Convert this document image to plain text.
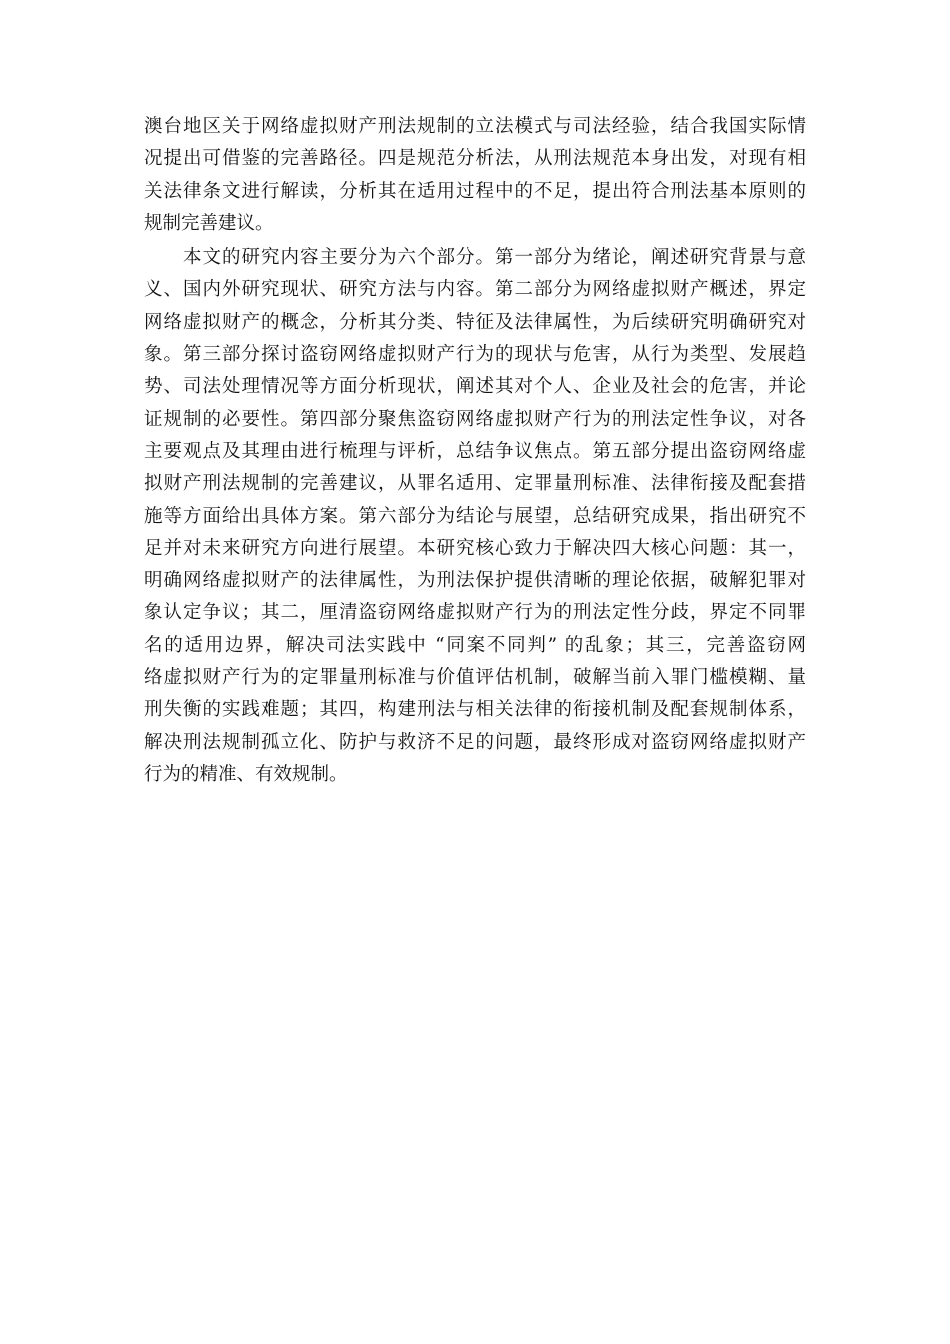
澳台地区关于网络虚拟财产刑法规制的立法模式与司法经验，结合我国实际情
况提出可借鉴的完善路径。四是规范分析法，从刑法规范本身出发，对现有相
关法律条文进行解读，分析其在适用过程中的不足，提出符合刑法基本原则的
规制完善建议。
　　本文的研究内容主要分为六个部分。第一部分为绪论，阐述研究背景与意
义、国内外研究现状、研究方法与内容。第二部分为网络虚拟财产概述，界定
网络虚拟财产的概念，分析其分类、特征及法律属性，为后续研究明确研究对
象。第三部分探讨盗窃网络虚拟财产行为的现状与危害，从行为类型、发展趋
势、司法处理情况等方面分析现状，阐述其对个人、企业及社会的危害，并论
证规制的必要性。第四部分聚焦盗窃网络虚拟财产行为的刑法定性争议，对各
主要观点及其理由进行梳理与评析，总结争议焦点。第五部分提出盗窃网络虚
拟财产刑法规制的完善建议，从罪名适用、定罪量刑标准、法律衔接及配套措
施等方面给出具体方案。第六部分为结论与展望，总结研究成果，指出研究不
足并对未来研究方向进行展望。本研究核心致力于解决四大核心问题：其一，
明确网络虚拟财产的法律属性，为刑法保护提供清晰的理论依据，破解犯罪对
象认定争议；其二，厘清盗窃网络虚拟财产行为的刑法定性分歧，界定不同罪
名的适用边界，解决司法实践中 “同案不同判” 的乱象；其三，完善盗窃网
络虚拟财产行为的定罪量刑标准与价值评估机制，破解当前入罪门槛模糊、量
刑失衡的实践难题；其四，构建刑法与相关法律的衔接机制及配套规制体系，
解决刑法规制孤立化、防护与救济不足的问题，最终形成对盗窃网络虚拟财产
行为的精准、有效规制。
